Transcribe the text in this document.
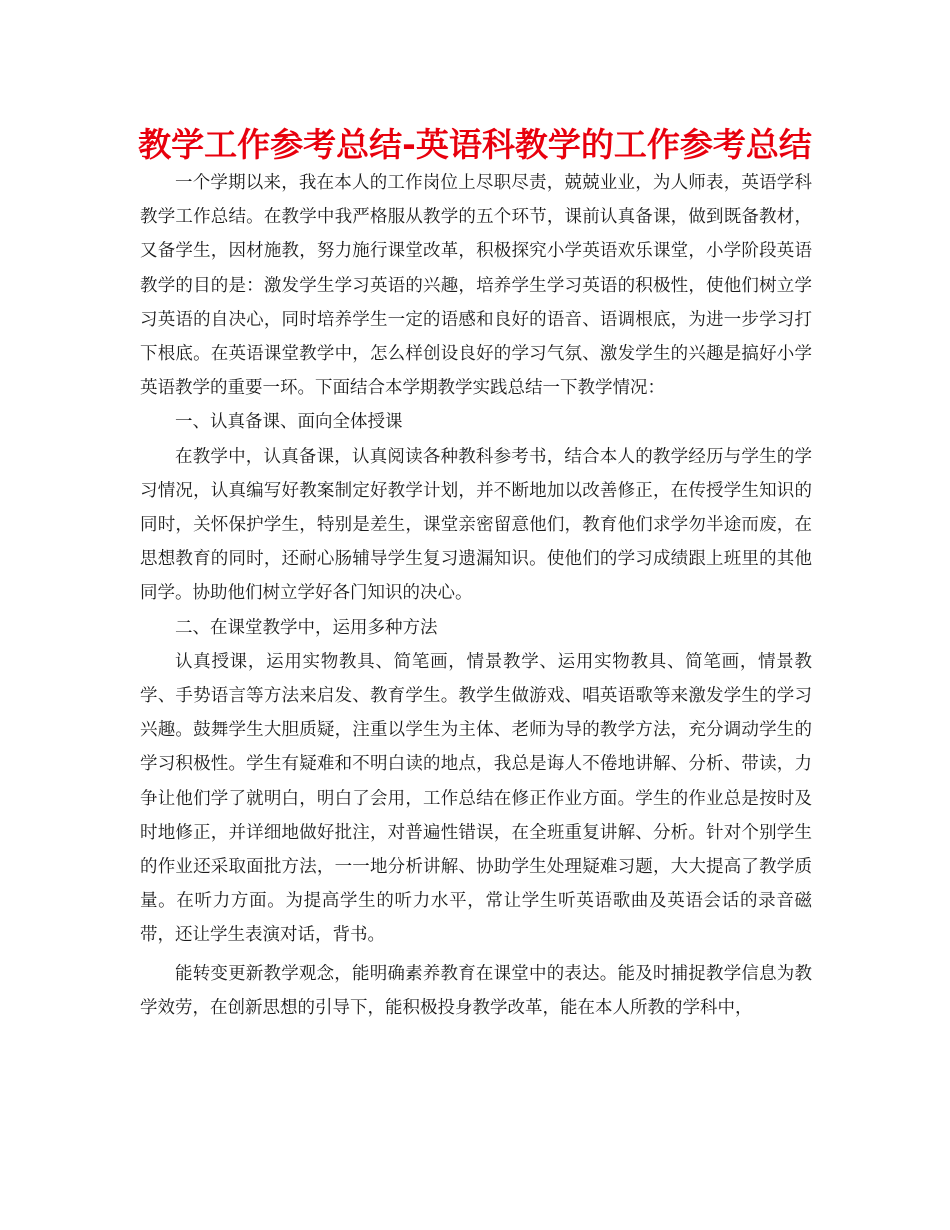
教学工作参考总结-英语科教学的工作参考总结

一个学期以来，我在本人的工作岗位上尽职尽责，兢兢业业，为人师表，英语学科教学工作总结。在教学中我严格服从教学的五个环节，课前认真备课，做到既备教材，又备学生，因材施教，努力施行课堂改革，积极探究小学英语欢乐课堂，小学阶段英语教学的目的是：激发学生学习英语的兴趣，培养学生学习英语的积极性，使他们树立学习英语的自决心，同时培养学生一定的语感和良好的语音、语调根底，为进一步学习打下根底。在英语课堂教学中，怎么样创设良好的学习气氛、激发学生的兴趣是搞好小学英语教学的重要一环。下面结合本学期教学实践总结一下教学情况：

一、认真备课、面向全体授课

在教学中，认真备课，认真阅读各种教科参考书，结合本人的教学经历与学生的学习情况，认真编写好教案制定好教学计划，并不断地加以改善修正，在传授学生知识的同时，关怀保护学生，特别是差生，课堂亲密留意他们，教育他们求学勿半途而废，在思想教育的同时，还耐心肠辅导学生复习遗漏知识。使他们的学习成绩跟上班里的其他同学。协助他们树立学好各门知识的决心。

二、在课堂教学中，运用多种方法

认真授课，运用实物教具、简笔画，情景教学、运用实物教具、简笔画，情景教学、手势语言等方法来启发、教育学生。教学生做游戏、唱英语歌等来激发学生的学习兴趣。鼓舞学生大胆质疑，注重以学生为主体、老师为导的教学方法，充分调动学生的学习积极性。学生有疑难和不明白读的地点，我总是诲人不倦地讲解、分析、带读，力争让他们学了就明白，明白了会用，工作总结在修正作业方面。学生的作业总是按时及时地修正，并详细地做好批注，对普遍性错误，在全班重复讲解、分析。针对个别学生的作业还采取面批方法，一一地分析讲解、协助学生处理疑难习题，大大提高了教学质量。在听力方面。为提高学生的听力水平，常让学生听英语歌曲及英语会话的录音磁带，还让学生表演对话，背书。

能转变更新教学观念，能明确素养教育在课堂中的表达。能及时捕捉教学信息为教学效劳，在创新思想的引导下，能积极投身教学改革，能在本人所教的学科中，
